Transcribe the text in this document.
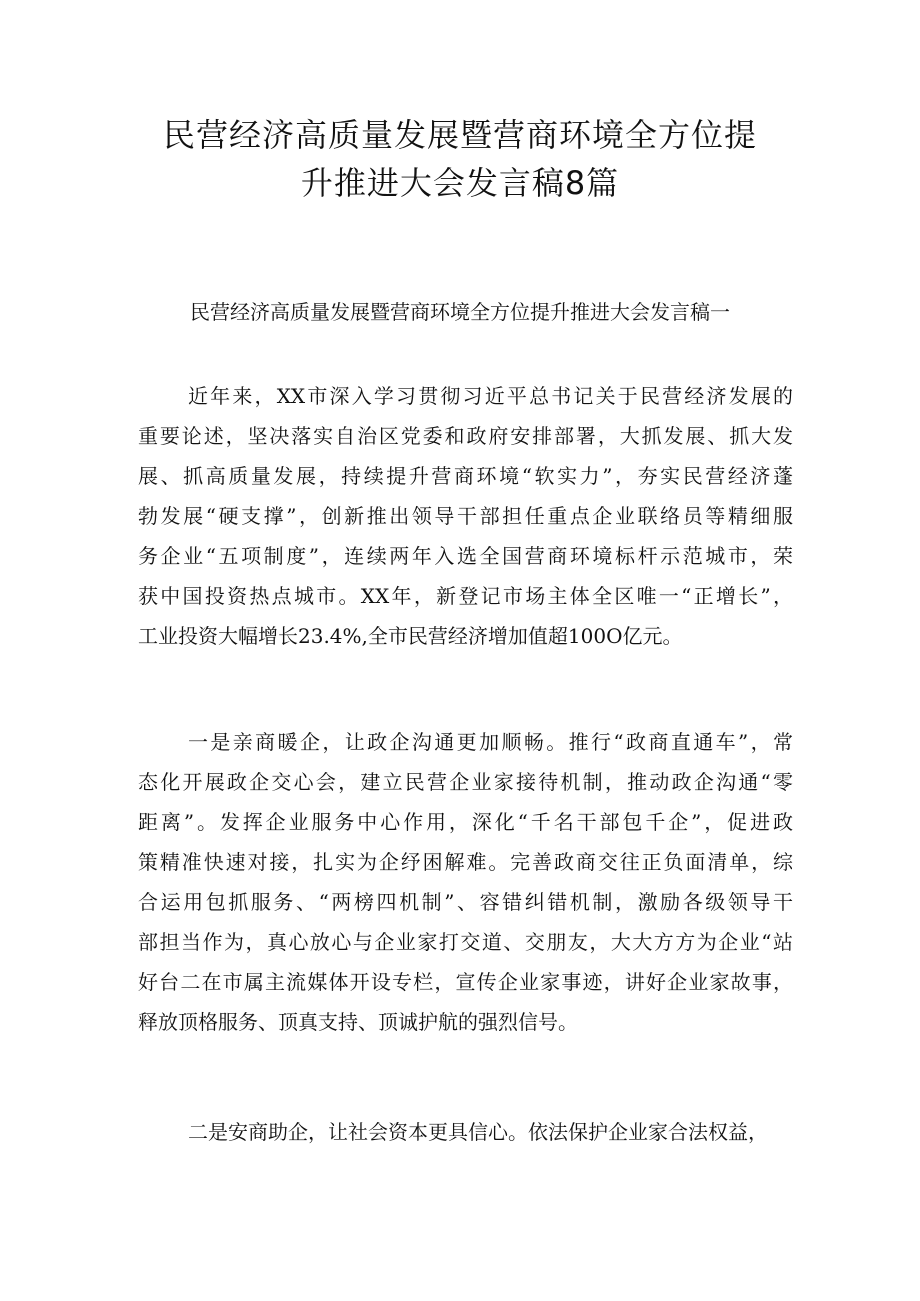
民营经济高质量发展暨营商环境全方位提
升推进大会发言稿8篇
民营经济高质量发展暨营商环境全方位提升推进大会发言稿一
近年来，XX市深入学习贯彻习近平总书记关于民营经济发展的
重要论述，坚决落实自治区党委和政府安排部署，大抓发展、抓大发
展、抓高质量发展，持续提升营商环境“软实力”，夯实民营经济蓬
勃发展“硬支撑”，创新推出领导干部担任重点企业联络员等精细服
务企业“五项制度”，连续两年入选全国营商环境标杆示范城市，荣
获中国投资热点城市。XX年，新登记市场主体全区唯一“正增长”，
工业投资大幅增长23.4%,全市民营经济增加值超100O亿元。
一是亲商暖企，让政企沟通更加顺畅。推行“政商直通车”，常
态化开展政企交心会，建立民营企业家接待机制，推动政企沟通“零
距离”。发挥企业服务中心作用，深化“千名干部包千企”，促进政
策精准快速对接，扎实为企纾困解难。完善政商交往正负面清单，综
合运用包抓服务、“两榜四机制”、容错纠错机制，激励各级领导干
部担当作为，真心放心与企业家打交道、交朋友，大大方方为企业“站
好台二在市属主流媒体开设专栏，宣传企业家事迹，讲好企业家故事，
释放顶格服务、顶真支持、顶诚护航的强烈信号。
二是安商助企，让社会资本更具信心。依法保护企业家合法权益，
